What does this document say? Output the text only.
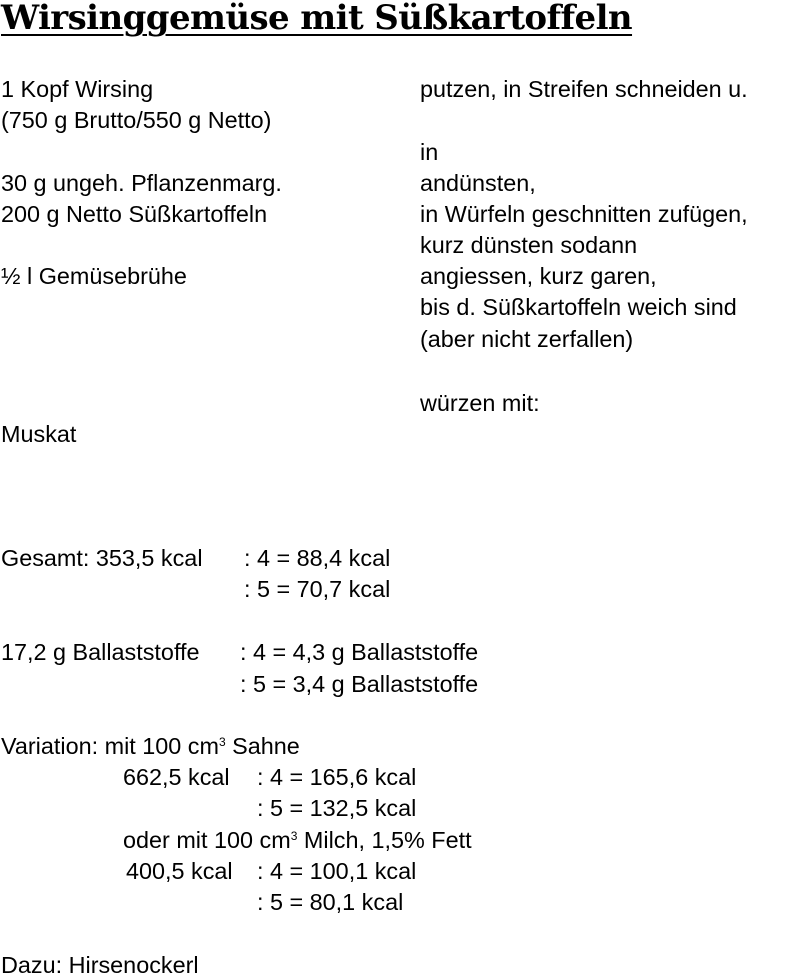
Wirsinggemüse mit Süßkartoffeln
1 Kopf Wirsing
(750 g Brutto/550 g Netto)
30 g ungeh. Pflanzenmarg.
200 g Netto Süßkartoffeln
½ l Gemüsebrühe
Muskat
putzen, in Streifen schneiden u.
in
andünsten,
in Würfeln geschnitten zufügen,
kurz dünsten sodann
angiessen, kurz garen,
bis d. Süßkartoffeln weich sind
(aber nicht zerfallen)
würzen mit:
Gesamt: 353,5 kcal : 4 = 88,4 kcal
: 5 = 70,7 kcal
17,2 g Ballaststoffe : 4 = 4,3 g Ballaststoffe
: 5 = 3,4 g Ballaststoffe
Variation: mit 100 $cm^3$ Sahne
662,5 kcal : 4 = 165,6 kcal
: 5 = 132,5 kcal
oder mit 100 $cm^3$ Milch, 1,5% Fett
400,5 kcal : 4 = 100,1 kcal
: 5 = 80,1 kcal
Dazu: Hirsenockerl
